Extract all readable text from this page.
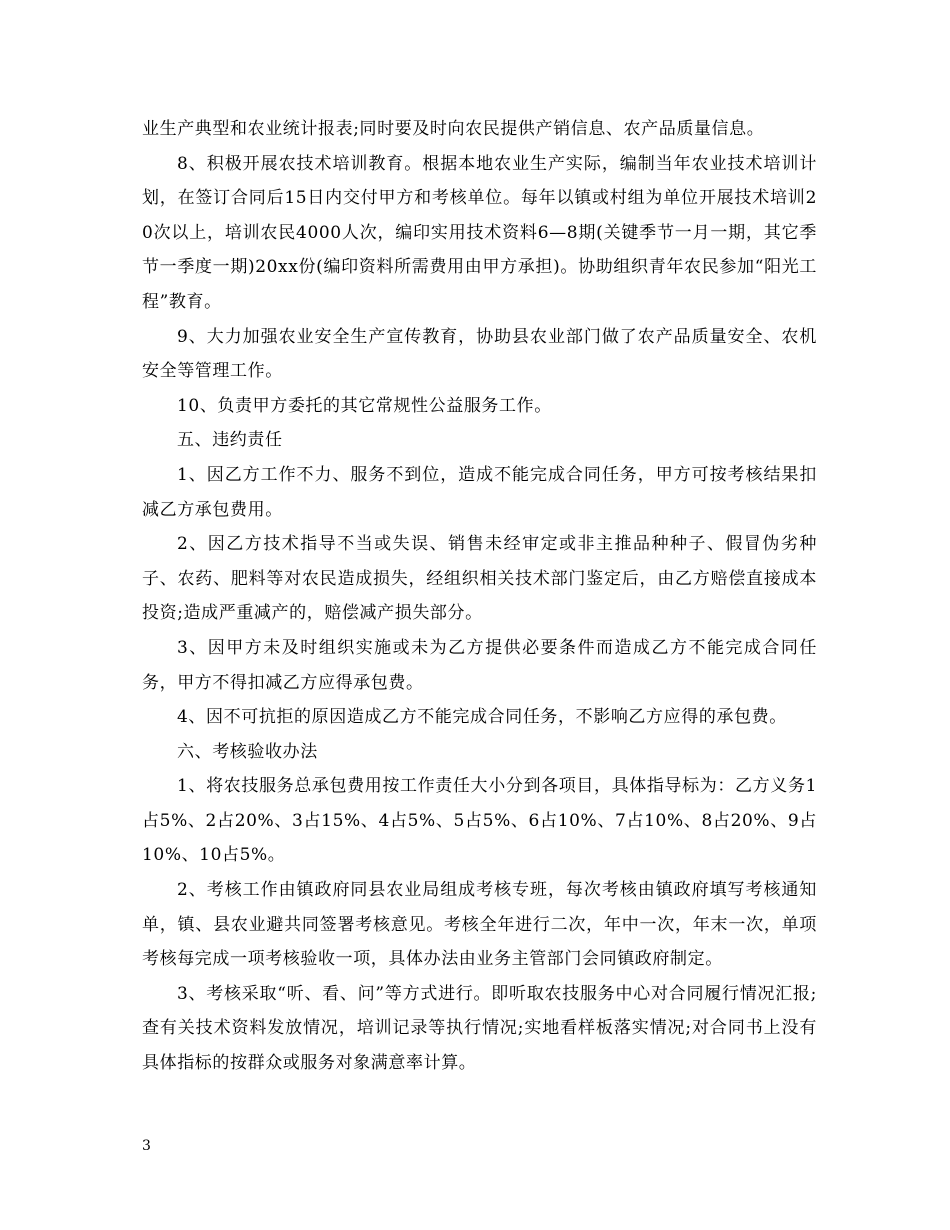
业生产典型和农业统计报表;同时要及时向农民提供产销信息、农产品质量信息。

8、积极开展农技术培训教育。根据本地农业生产实际，编制当年农业技术培训计划，在签订合同后15日内交付甲方和考核单位。每年以镇或村组为单位开展技术培训20次以上，培训农民4000人次，编印实用技术资料6—8期(关键季节一月一期，其它季节一季度一期)20xx份(编印资料所需费用由甲方承担)。协助组织青年农民参加“阳光工程”教育。

9、大力加强农业安全生产宣传教育，协助县农业部门做了农产品质量安全、农机安全等管理工作。

10、负责甲方委托的其它常规性公益服务工作。

五、违约责任

1、因乙方工作不力、服务不到位，造成不能完成合同任务，甲方可按考核结果扣减乙方承包费用。

2、因乙方技术指导不当或失误、销售未经审定或非主推品种种子、假冒伪劣种子、农药、肥料等对农民造成损失，经组织相关技术部门鉴定后，由乙方赔偿直接成本投资;造成严重减产的，赔偿减产损失部分。

3、因甲方未及时组织实施或未为乙方提供必要条件而造成乙方不能完成合同任务，甲方不得扣减乙方应得承包费。

4、因不可抗拒的原因造成乙方不能完成合同任务，不影响乙方应得的承包费。

六、考核验收办法

1、将农技服务总承包费用按工作责任大小分到各项目，具体指导标为：乙方义务1占5%、2占20%、3占15%、4占5%、5占5%、6占10%、7占10%、8占20%、9占10%、10占5%。

2、考核工作由镇政府同县农业局组成考核专班，每次考核由镇政府填写考核通知单，镇、县农业避共同签署考核意见。考核全年进行二次，年中一次，年末一次，单项考核每完成一项考核验收一项，具体办法由业务主管部门会同镇政府制定。

3、考核采取“听、看、问”等方式进行。即听取农技服务中心对合同履行情况汇报;查有关技术资料发放情况，培训记录等执行情况;实地看样板落实情况;对合同书上没有具体指标的按群众或服务对象满意率计算。

3
